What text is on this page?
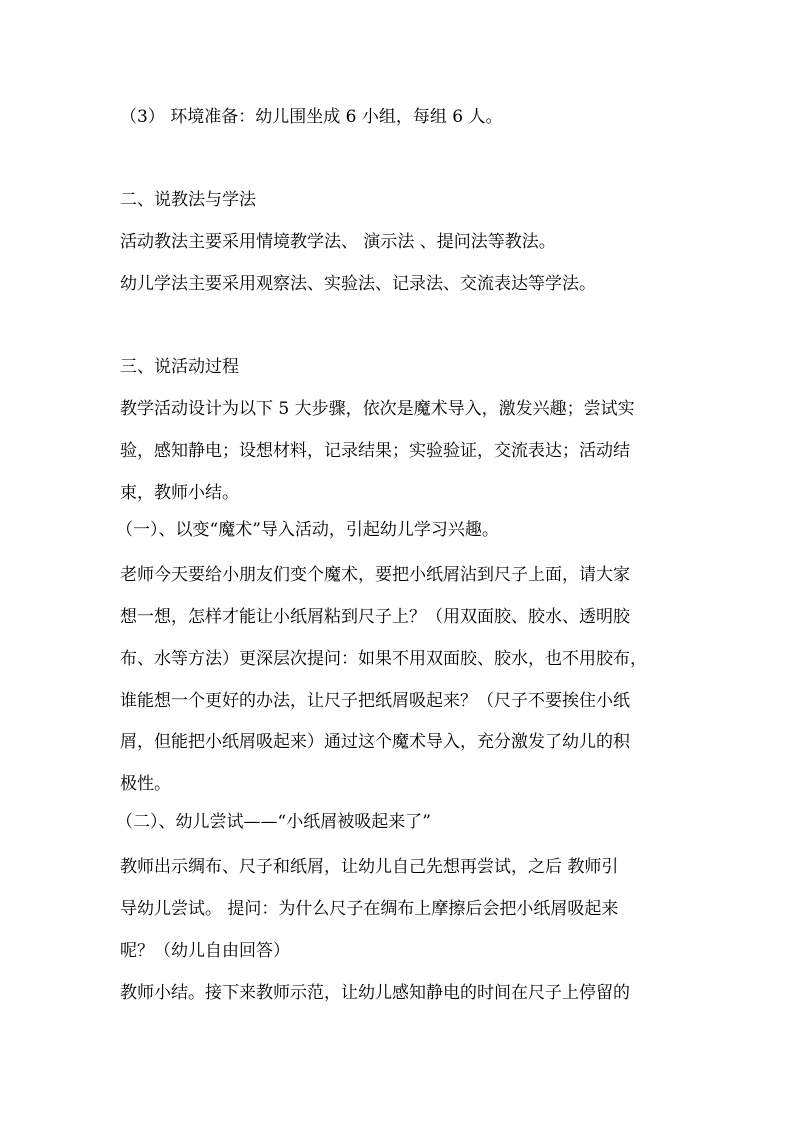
（3） 环境准备：幼儿围坐成 6 小组，每组 6 人。
二、说教法与学法
活动教法主要采用情境教学法、 演示法 、提问法等教法。
幼儿学法主要采用观察法、实验法、记录法、交流表达等学法。
三、说活动过程
教学活动设计为以下 5 大步骤，依次是魔术导入，激发兴趣；尝试实
验，感知静电；设想材料，记录结果；实验验证，交流表达；活动结
束，教师小结。
（一）、以变“魔术”导入活动，引起幼儿学习兴趣。
老师今天要给小朋友们变个魔术，要把小纸屑沾到尺子上面，请大家
想一想，怎样才能让小纸屑粘到尺子上？（用双面胶、胶水、透明胶
布、水等方法）更深层次提问：如果不用双面胶、胶水，也不用胶布，
谁能想一个更好的办法，让尺子把纸屑吸起来？（尺子不要挨住小纸
屑，但能把小纸屑吸起来）通过这个魔术导入，充分激发了幼儿的积
极性。
（二）、幼儿尝试——“小纸屑被吸起来了”
教师出示绸布、尺子和纸屑，让幼儿自己先想再尝试，之后 教师引
导幼儿尝试。 提问：为什么尺子在绸布上摩擦后会把小纸屑吸起来
呢？（幼儿自由回答）
教师小结。接下来教师示范，让幼儿感知静电的时间在尺子上停留的
